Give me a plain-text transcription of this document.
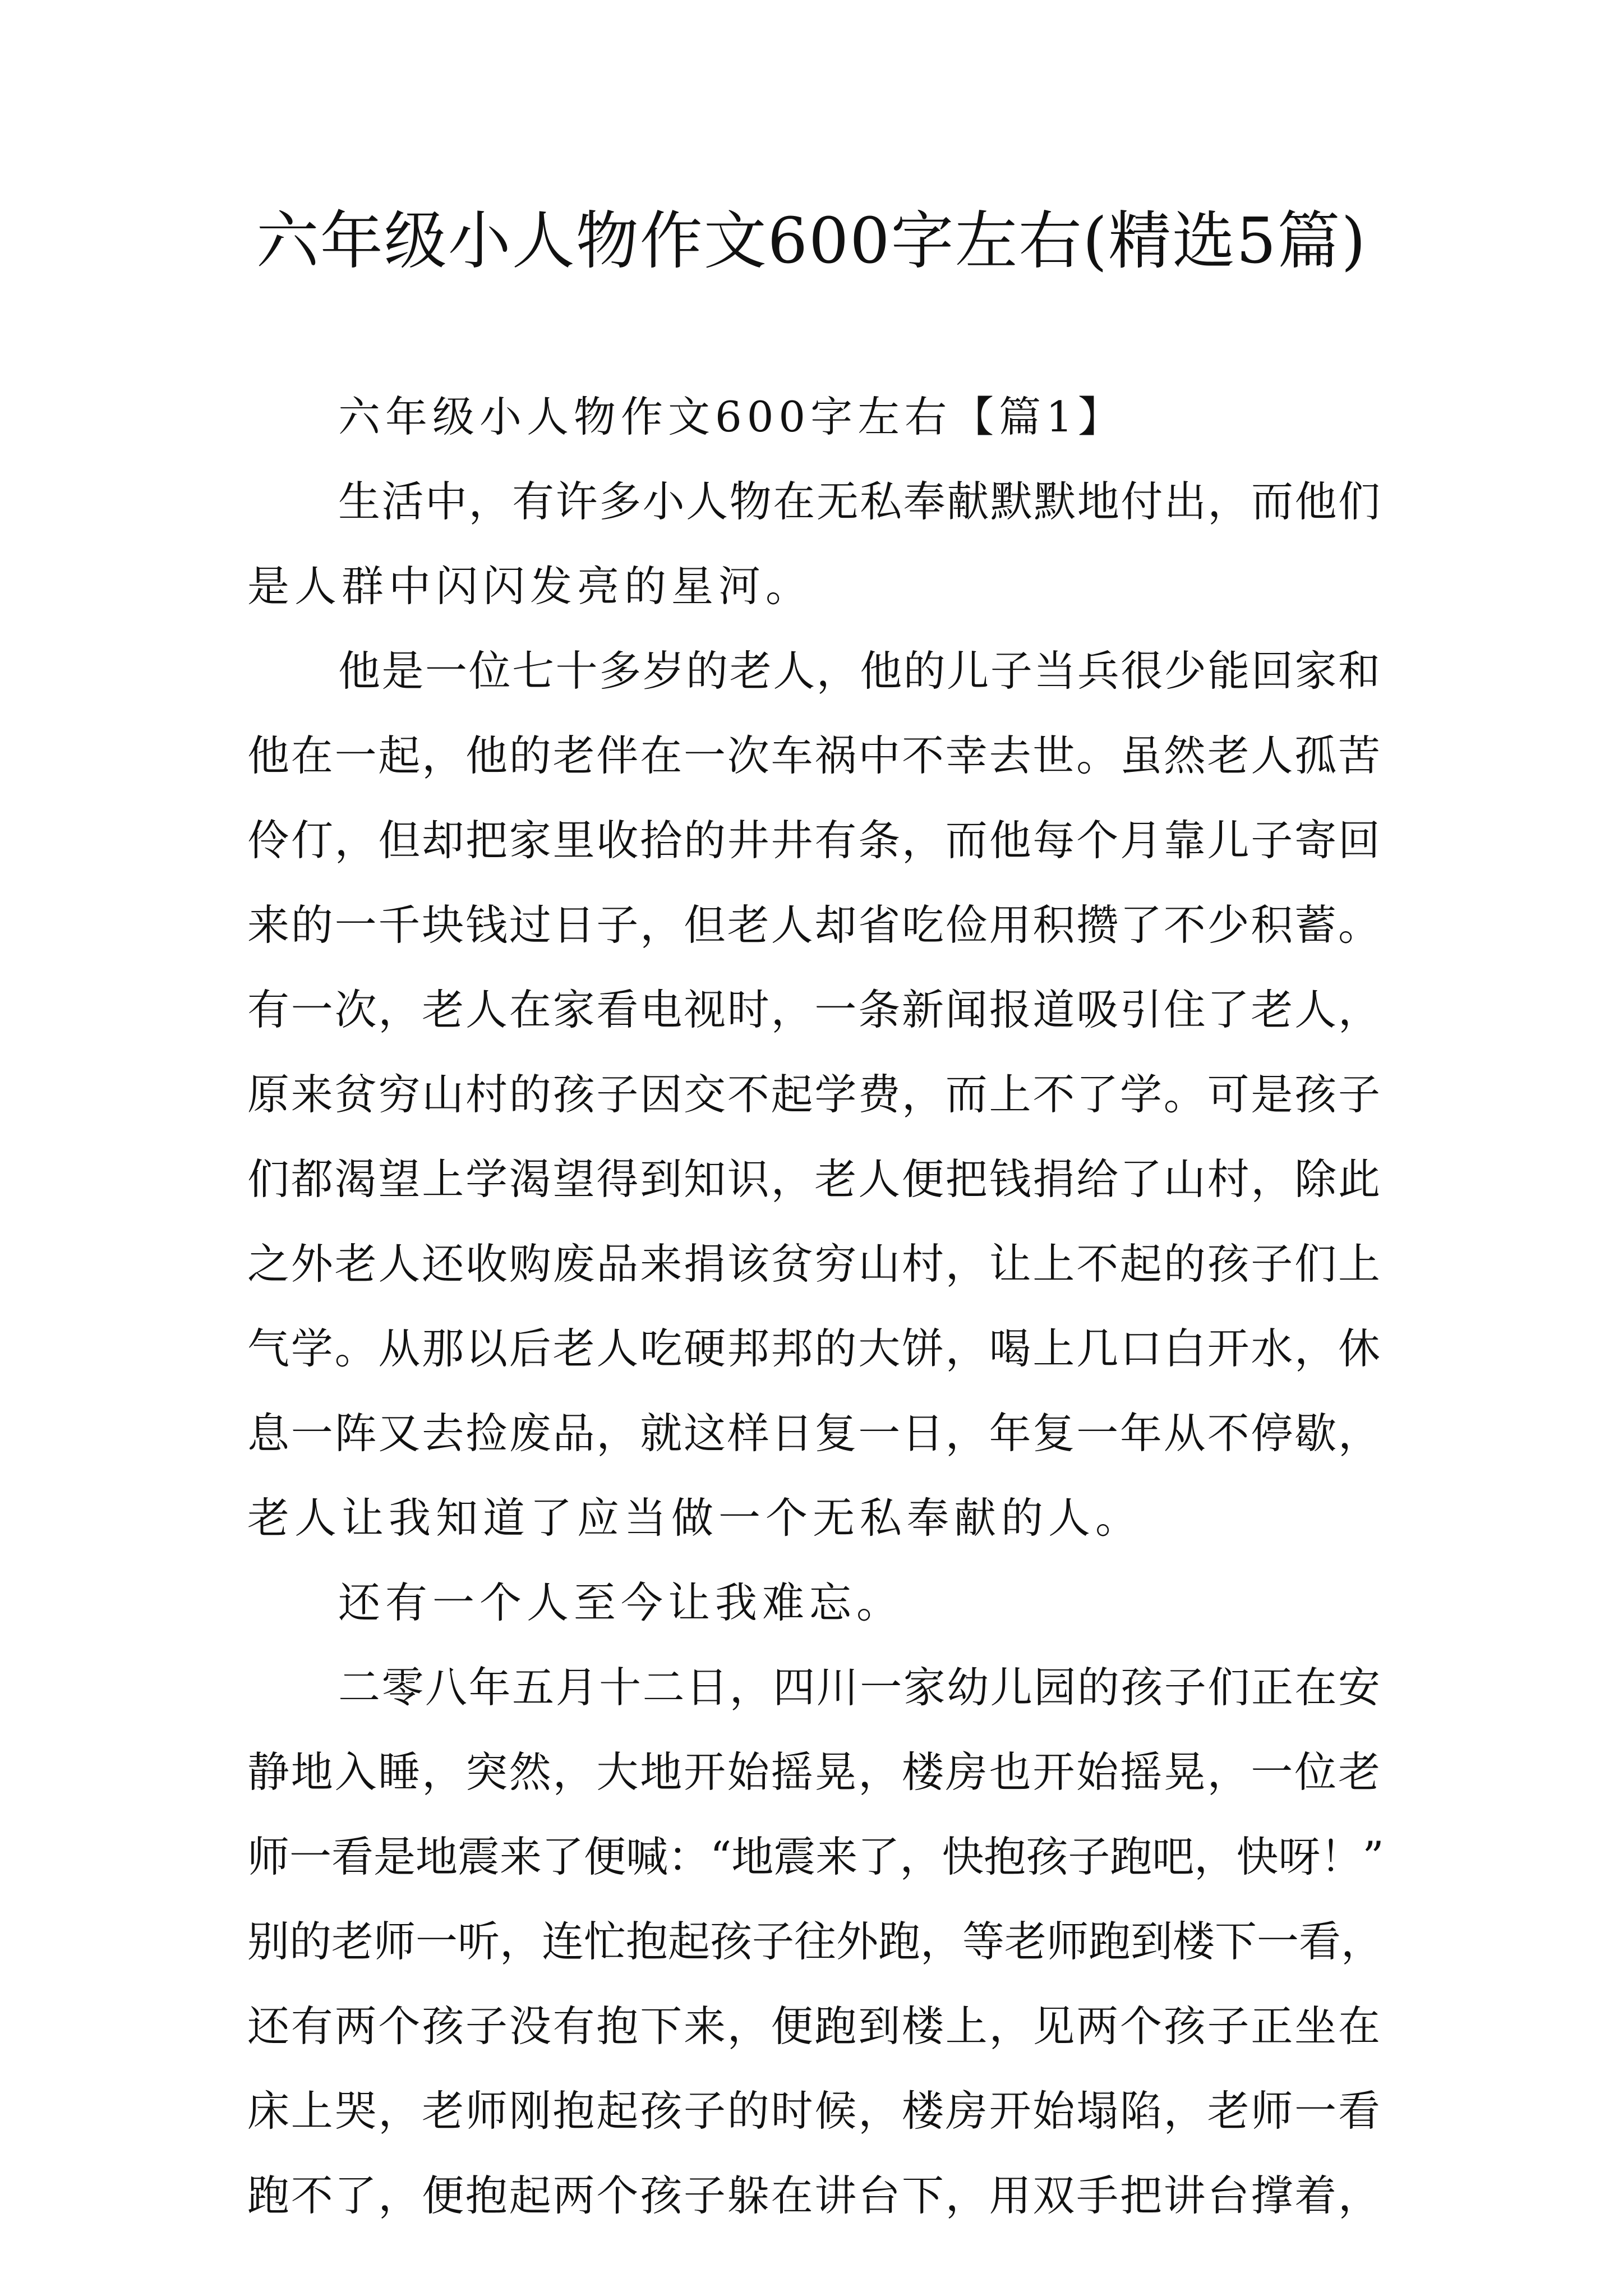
六年级小人物作文600字左右(精选5篇)
六年级小人物作文600字左右【篇1】
生活中，有许多小人物在无私奉献默默地付出，而他们
是人群中闪闪发亮的星河。
他是一位七十多岁的老人，他的儿子当兵很少能回家和
他在一起，他的老伴在一次车祸中不幸去世。虽然老人孤苦
伶仃，但却把家里收拾的井井有条，而他每个月靠儿子寄回
来的一千块钱过日子，但老人却省吃俭用积攒了不少积蓄。
有一次，老人在家看电视时，一条新闻报道吸引住了老人，
原来贫穷山村的孩子因交不起学费，而上不了学。可是孩子
们都渴望上学渴望得到知识，老人便把钱捐给了山村，除此
之外老人还收购废品来捐该贫穷山村，让上不起的孩子们上
气学。从那以后老人吃硬邦邦的大饼，喝上几口白开水，休
息一阵又去捡废品，就这样日复一日，年复一年从不停歇，
老人让我知道了应当做一个无私奉献的人。
还有一个人至今让我难忘。
二零八年五月十二日，四川一家幼儿园的孩子们正在安
静地入睡，突然，大地开始摇晃，楼房也开始摇晃，一位老
师一看是地震来了便喊：“地震来了，快抱孩子跑吧，快呀！”
别的老师一听，连忙抱起孩子往外跑，等老师跑到楼下一看，
还有两个孩子没有抱下来，便跑到楼上，见两个孩子正坐在
床上哭，老师刚抱起孩子的时候，楼房开始塌陷，老师一看
跑不了，便抱起两个孩子躲在讲台下，用双手把讲台撑着，
